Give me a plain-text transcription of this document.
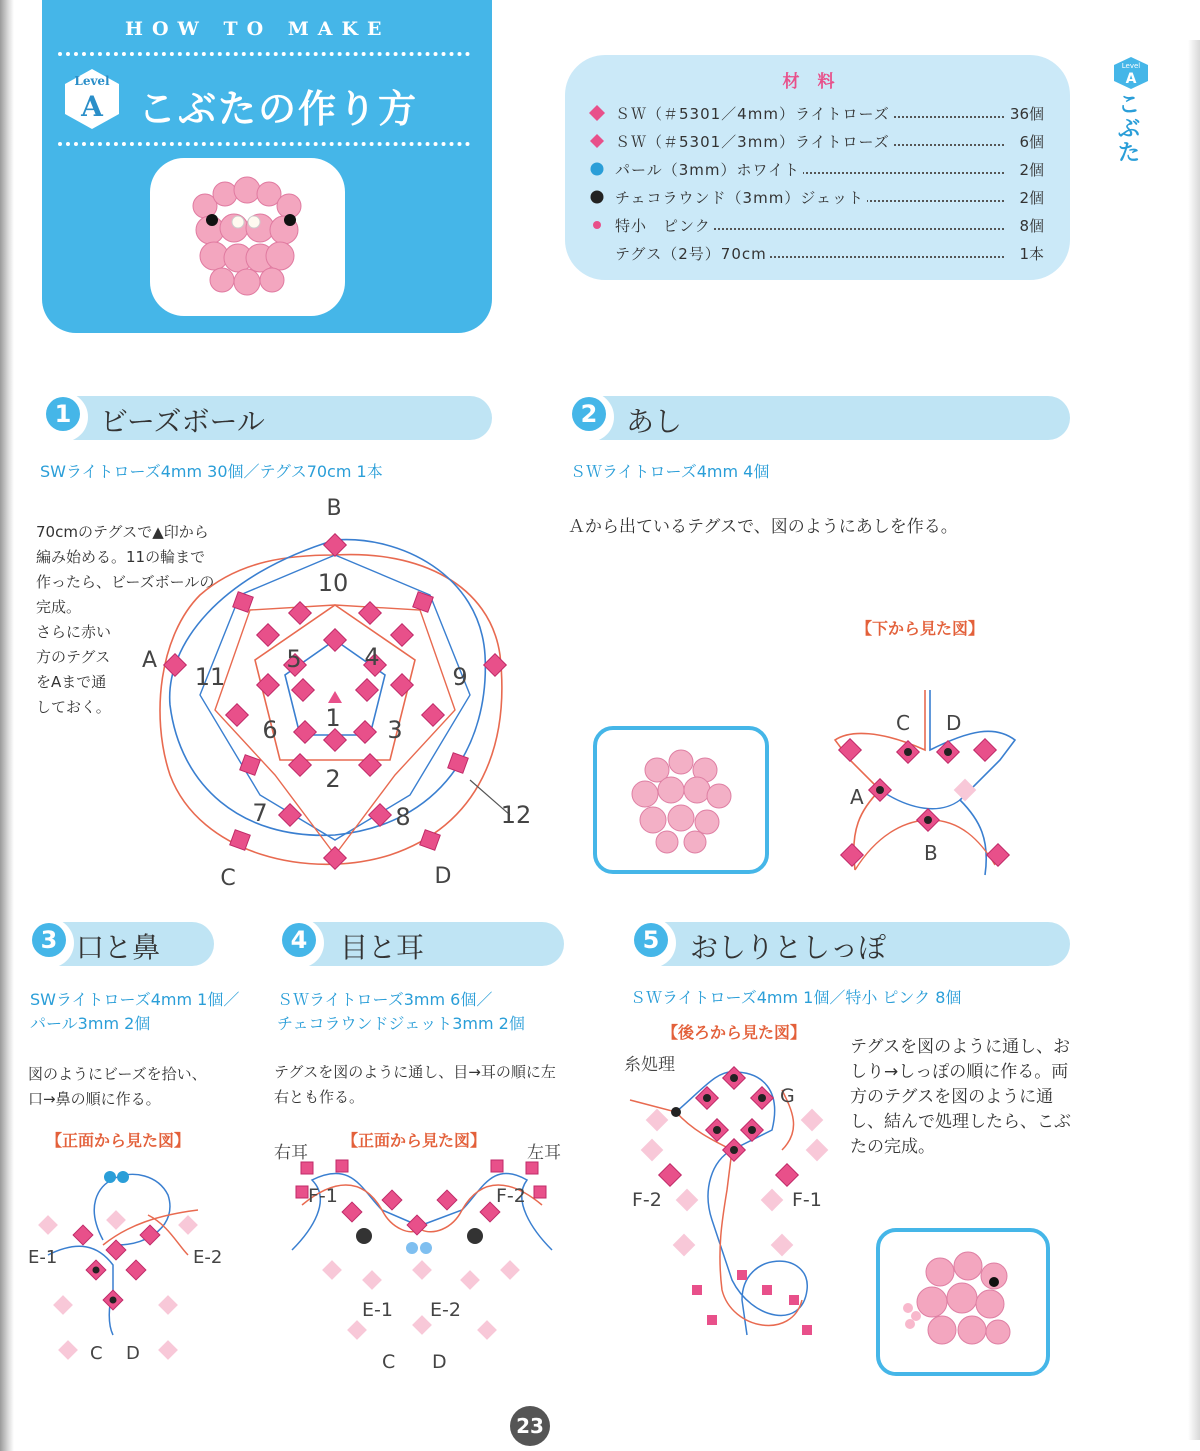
HOW TO MAKE
Level
A こぶたの作り方
材料
ＳＷ（＃5301／4mm）ライトローズ	36個
ＳＷ（＃5301／3mm）ライトローズ	6個
パール（3mm）ホワイト	2個
チェコラウンド（3mm）ジェット	2個
特小　ピンク	8個
テグス（2号）70cm	1本
Level
A
こぶた
1	ビーズボール
SWライトローズ4mm 30個／テグス70cm 1本
70cmのテグスで▲印から編み始める。11の輪まで作ったら、ビーズボールの完成。
さらに赤い方のテグスをAまで通しておく。
B
A
C	D
1
2
3
4
5
6
7	8
9
10
11
12
2	あし
ＳＷライトローズ4mm 4個
Ａから出ているテグスで、図のようにあしを作る。
【下から見た図】
C D
A
B
3 口と鼻
SWライトローズ4mm 1個／
パール3mm 2個
図のようにビーズを拾い、口→鼻の順に作る。
【正面から見た図】
E-1	E-2
C D
4	目と耳
ＳＷライトローズ3mm 6個／
チェコラウンドジェット3mm 2個
テグスを図のように通し、目→耳の順に左右とも作る。
【正面から見た図】
右耳	左耳
F-1	F-2
E-1 E-2
C D
5	おしりとしっぽ
ＳＷライトローズ4mm 1個／特小 ピンク 8個
【後ろから見た図】
テグスを図のように通し、おしり→しっぽの順に作る。両方のテグスを図のように通し、結んで処理したら、こぶたの完成。
糸処理
G
F-2	F-1
23
